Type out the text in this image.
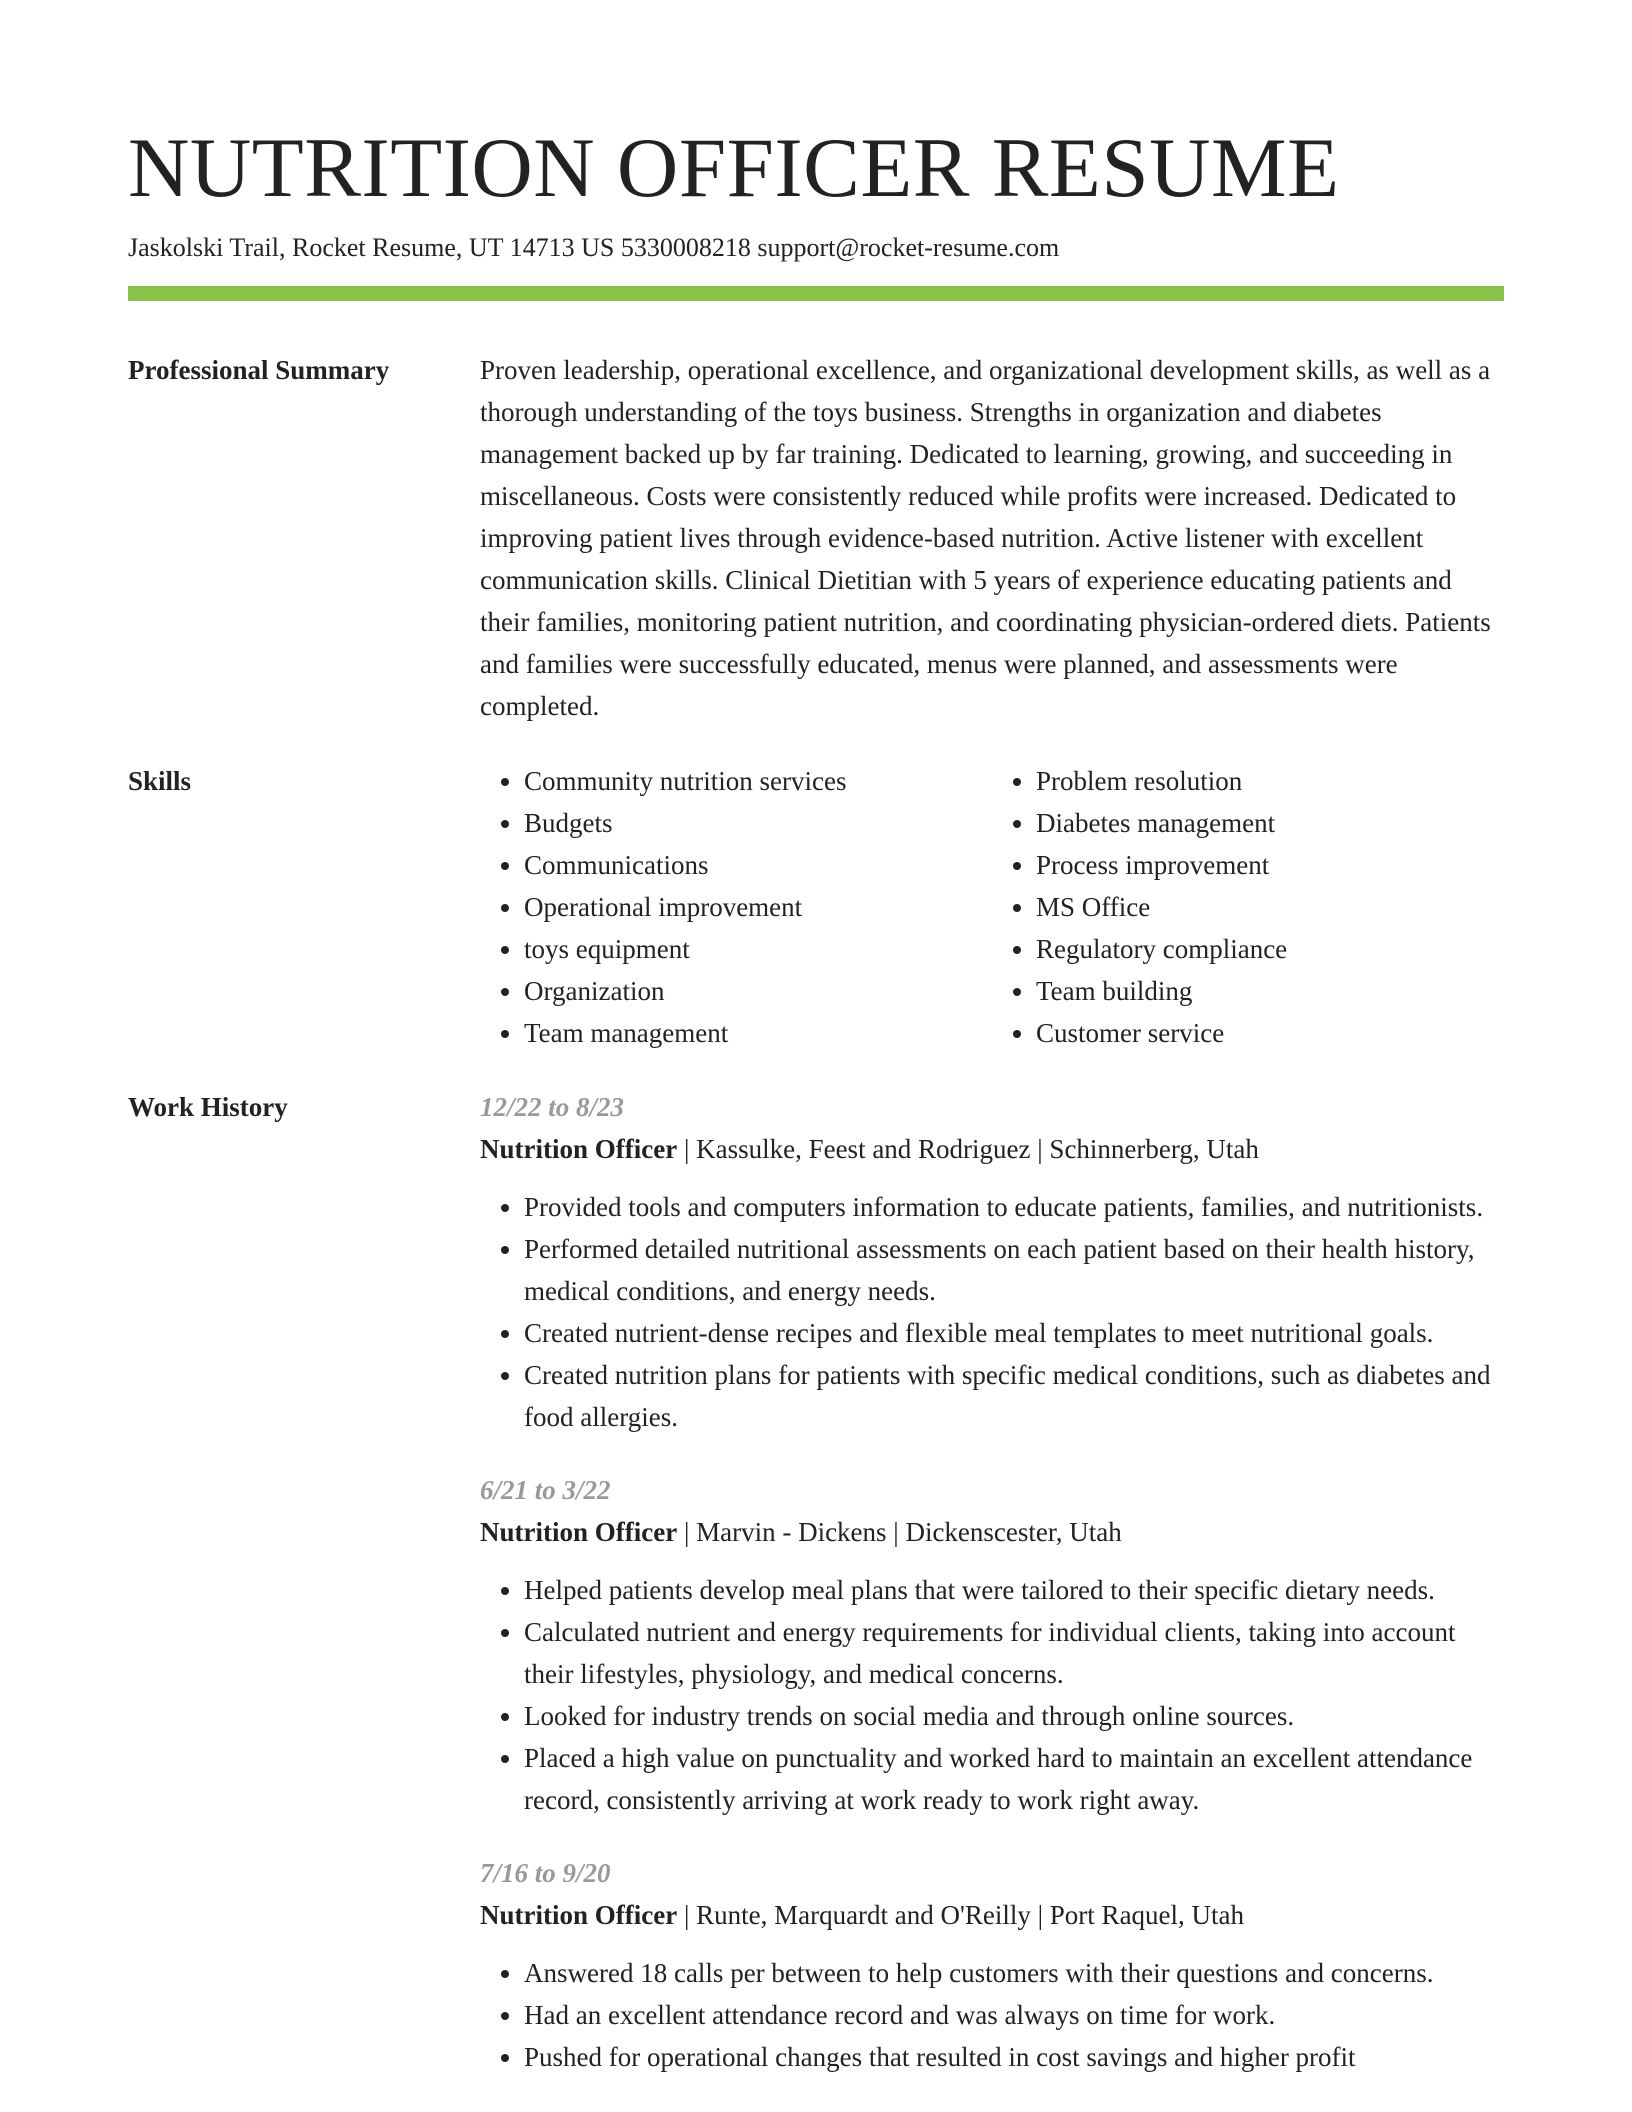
NUTRITION OFFICER RESUME
Jaskolski Trail, Rocket Resume, UT 14713 US 5330008218 support@rocket-resume.com
Professional Summary	Proven leadership, operational excellence, and organizational development skills, as well as a thorough understanding of the toys business. Strengths in organization and diabetes management backed up by far training. Dedicated to learning, growing, and succeeding in miscellaneous. Costs were consistently reduced while profits were increased. Dedicated to improving patient lives through evidence-based nutrition. Active listener with excellent communication skills. Clinical Dietitian with 5 years of experience educating patients and their families, monitoring patient nutrition, and coordinating physician-ordered diets. Patients and families were successfully educated, menus were planned, and assessments were completed.

Skills
•	Community nutrition services
• Budgets
• Communications
• Operational improvement
• toys equipment
• Organization
• Team management
• Problem resolution
• Diabetes management
• Process improvement
• MS Office
• Regulatory compliance
• Team building
• Customer service
Work History	12/22 to 8/23
Nutrition Officer | Kassulke, Feest and Rodriguez | Schinnerberg, Utah
• Provided tools and computers information to educate patients, families, and nutritionists.
• Performed detailed nutritional assessments on each patient based on their health history, medical conditions, and energy needs.
• Created nutrient-dense recipes and flexible meal templates to meet nutritional goals.
• Created nutrition plans for patients with specific medical conditions, such as diabetes and food allergies.
6/21 to 3/22
Nutrition Officer | Marvin - Dickens | Dickenscester, Utah
• Helped patients develop meal plans that were tailored to their specific dietary needs.
• Calculated nutrient and energy requirements for individual clients, taking into account their lifestyles, physiology, and medical concerns.
• Looked for industry trends on social media and through online sources.
• Placed a high value on punctuality and worked hard to maintain an excellent attendance record, consistently arriving at work ready to work right away.
7/16 to 9/20
Nutrition Officer | Runte, Marquardt and O'Reilly | Port Raquel, Utah
• Answered 18 calls per between to help customers with their questions and concerns.
• Had an excellent attendance record and was always on time for work.
• Pushed for operational changes that resulted in cost savings and higher profit
